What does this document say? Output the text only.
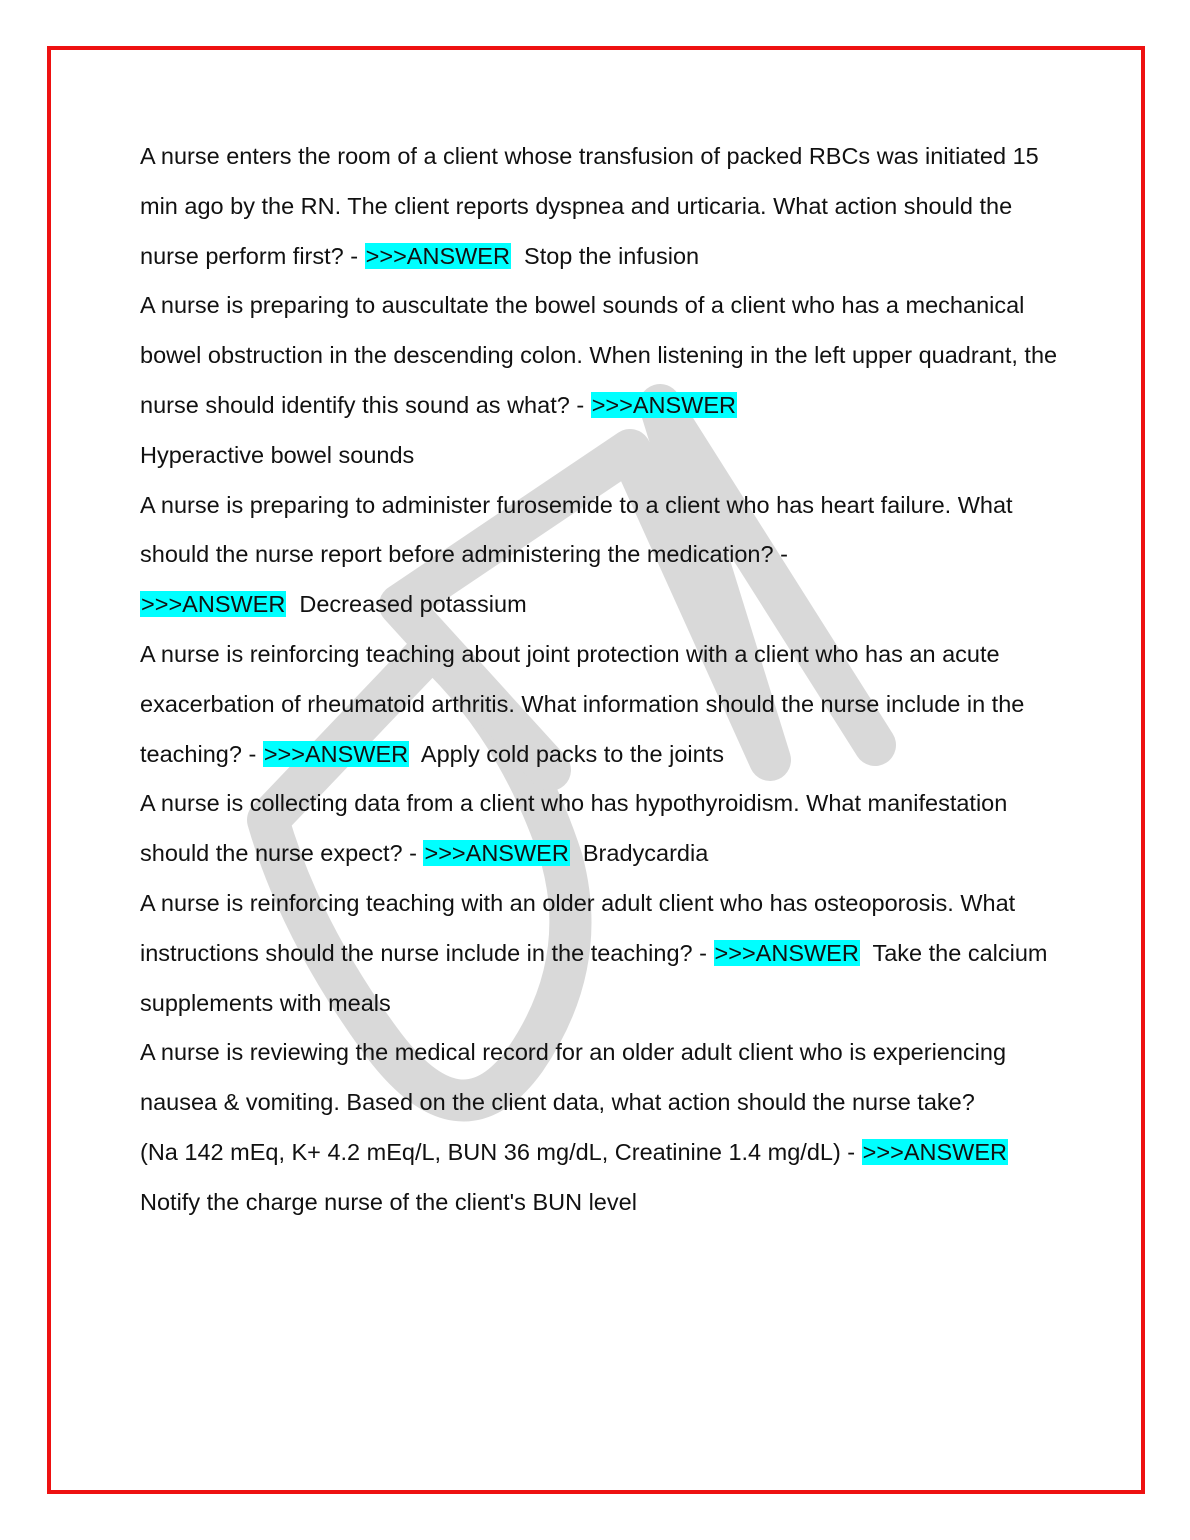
A nurse enters the room of a client whose transfusion of packed RBCs was initiated 15 min ago by the RN. The client reports dyspnea and urticaria. What action should the nurse perform first? - >>>ANSWER Stop the infusion

A nurse is preparing to auscultate the bowel sounds of a client who has a mechanical bowel obstruction in the descending colon. When listening in the left upper quadrant, the nurse should identify this sound as what? - >>>ANSWER
Hyperactive bowel sounds

A nurse is preparing to administer furosemide to a client who has heart failure. What should the nurse report before administering the medication? -
>>>ANSWER Decreased potassium

A nurse is reinforcing teaching about joint protection with a client who has an acute exacerbation of rheumatoid arthritis. What information should the nurse include in the teaching? - >>>ANSWER Apply cold packs to the joints

A nurse is collecting data from a client who has hypothyroidism. What manifestation should the nurse expect? - >>>ANSWER Bradycardia

A nurse is reinforcing teaching with an older adult client who has osteoporosis. What instructions should the nurse include in the teaching? - >>>ANSWER Take the calcium supplements with meals

A nurse is reviewing the medical record for an older adult client who is experiencing nausea & vomiting. Based on the client data, what action should the nurse take?
(Na 142 mEq, K+ 4.2 mEq/L, BUN 36 mg/dL, Creatinine 1.4 mg/dL) - >>>ANSWER
Notify the charge nurse of the client's BUN level
